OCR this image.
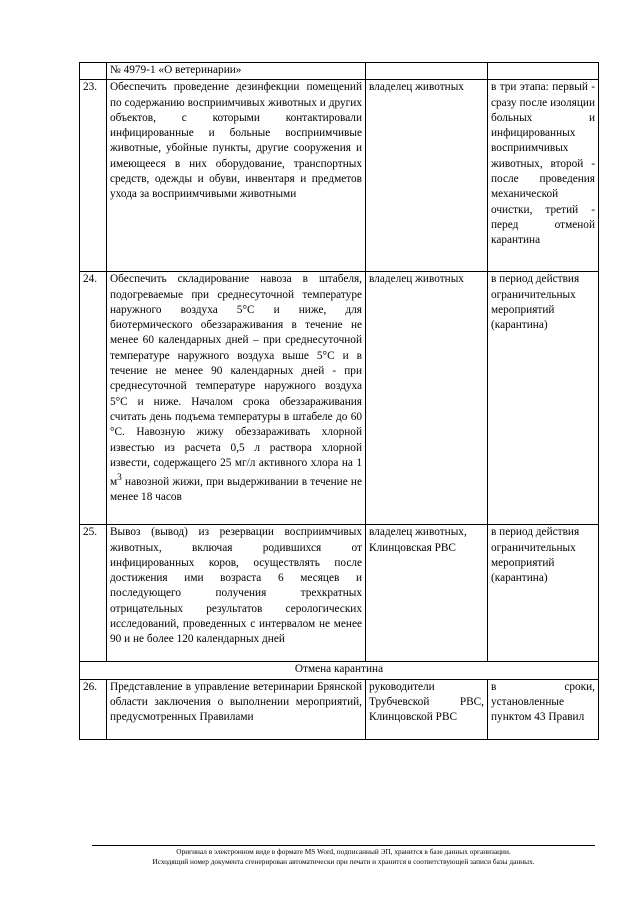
	№ 4979-1 «О ветеринарии»		
23.	Обеспечить проведение дезинфекции помещений по содержанию восприимчивых животных и других объектов, с которыми контактировали инфицированные и больные восприимчивые животные, убойные пункты, другие сооружения и имеющееся в них оборудование, транспортных средств, одежды и обуви, инвентаря и предметов ухода за восприимчивыми животными	владелец животных	в три этапа: первый - сразу после изоляции больных и инфицированных восприимчивых животных, второй - после проведения механической очистки, третий - перед отменой карантина
24.	Обеспечить складирование навоза в штабеля, подогреваемые при среднесуточной температуре наружного воздуха 5°С и ниже, для биотермического обеззараживания в течение не менее 60 календарных дней – при среднесуточной температуре наружного воздуха выше 5°С и в течение не менее 90 календарных дней - при среднесуточной температуре наружного воздуха 5°С и ниже. Началом срока обеззараживания считать день подъема температуры в штабеле до 60 °С. Навозную жижу обеззараживать хлорной известью из расчета 0,5 л раствора хлорной извести, содержащего 25 мг/л активного хлора на 1 $м^3$ навозной жижи, при выдерживании в течение не менее 18 часов	владелец животных	в период действия ограничительных мероприятий (карантина)
25.	Вывоз (вывод) из резервации восприимчивых животных, включая родившихся от инфицированных коров, осуществлять после достижения ими возраста 6 месяцев и последующего получения трехкратных отрицательных результатов серологических исследований, проведенных с интервалом не менее 90 и не более 120 календарных дней	владелец животных, Клинцовская РВС	в период действия ограничительных мероприятий (карантина)
Отмена карантина			
26.	Представление в управление ветеринарии Брянской области заключения о выполнении мероприятий, предусмотренных Правилами	руководители Трубчевской РВС, Клинцовской РВС	в сроки, установленные пунктом 43 Правил
Оригинал в электронном виде в формате MS Word, подписанный ЭП, хранится в базе данных организации.
Исходящий номер документа сгенерирован автоматически при печати и хранится в соответствующей записи базы данных.
